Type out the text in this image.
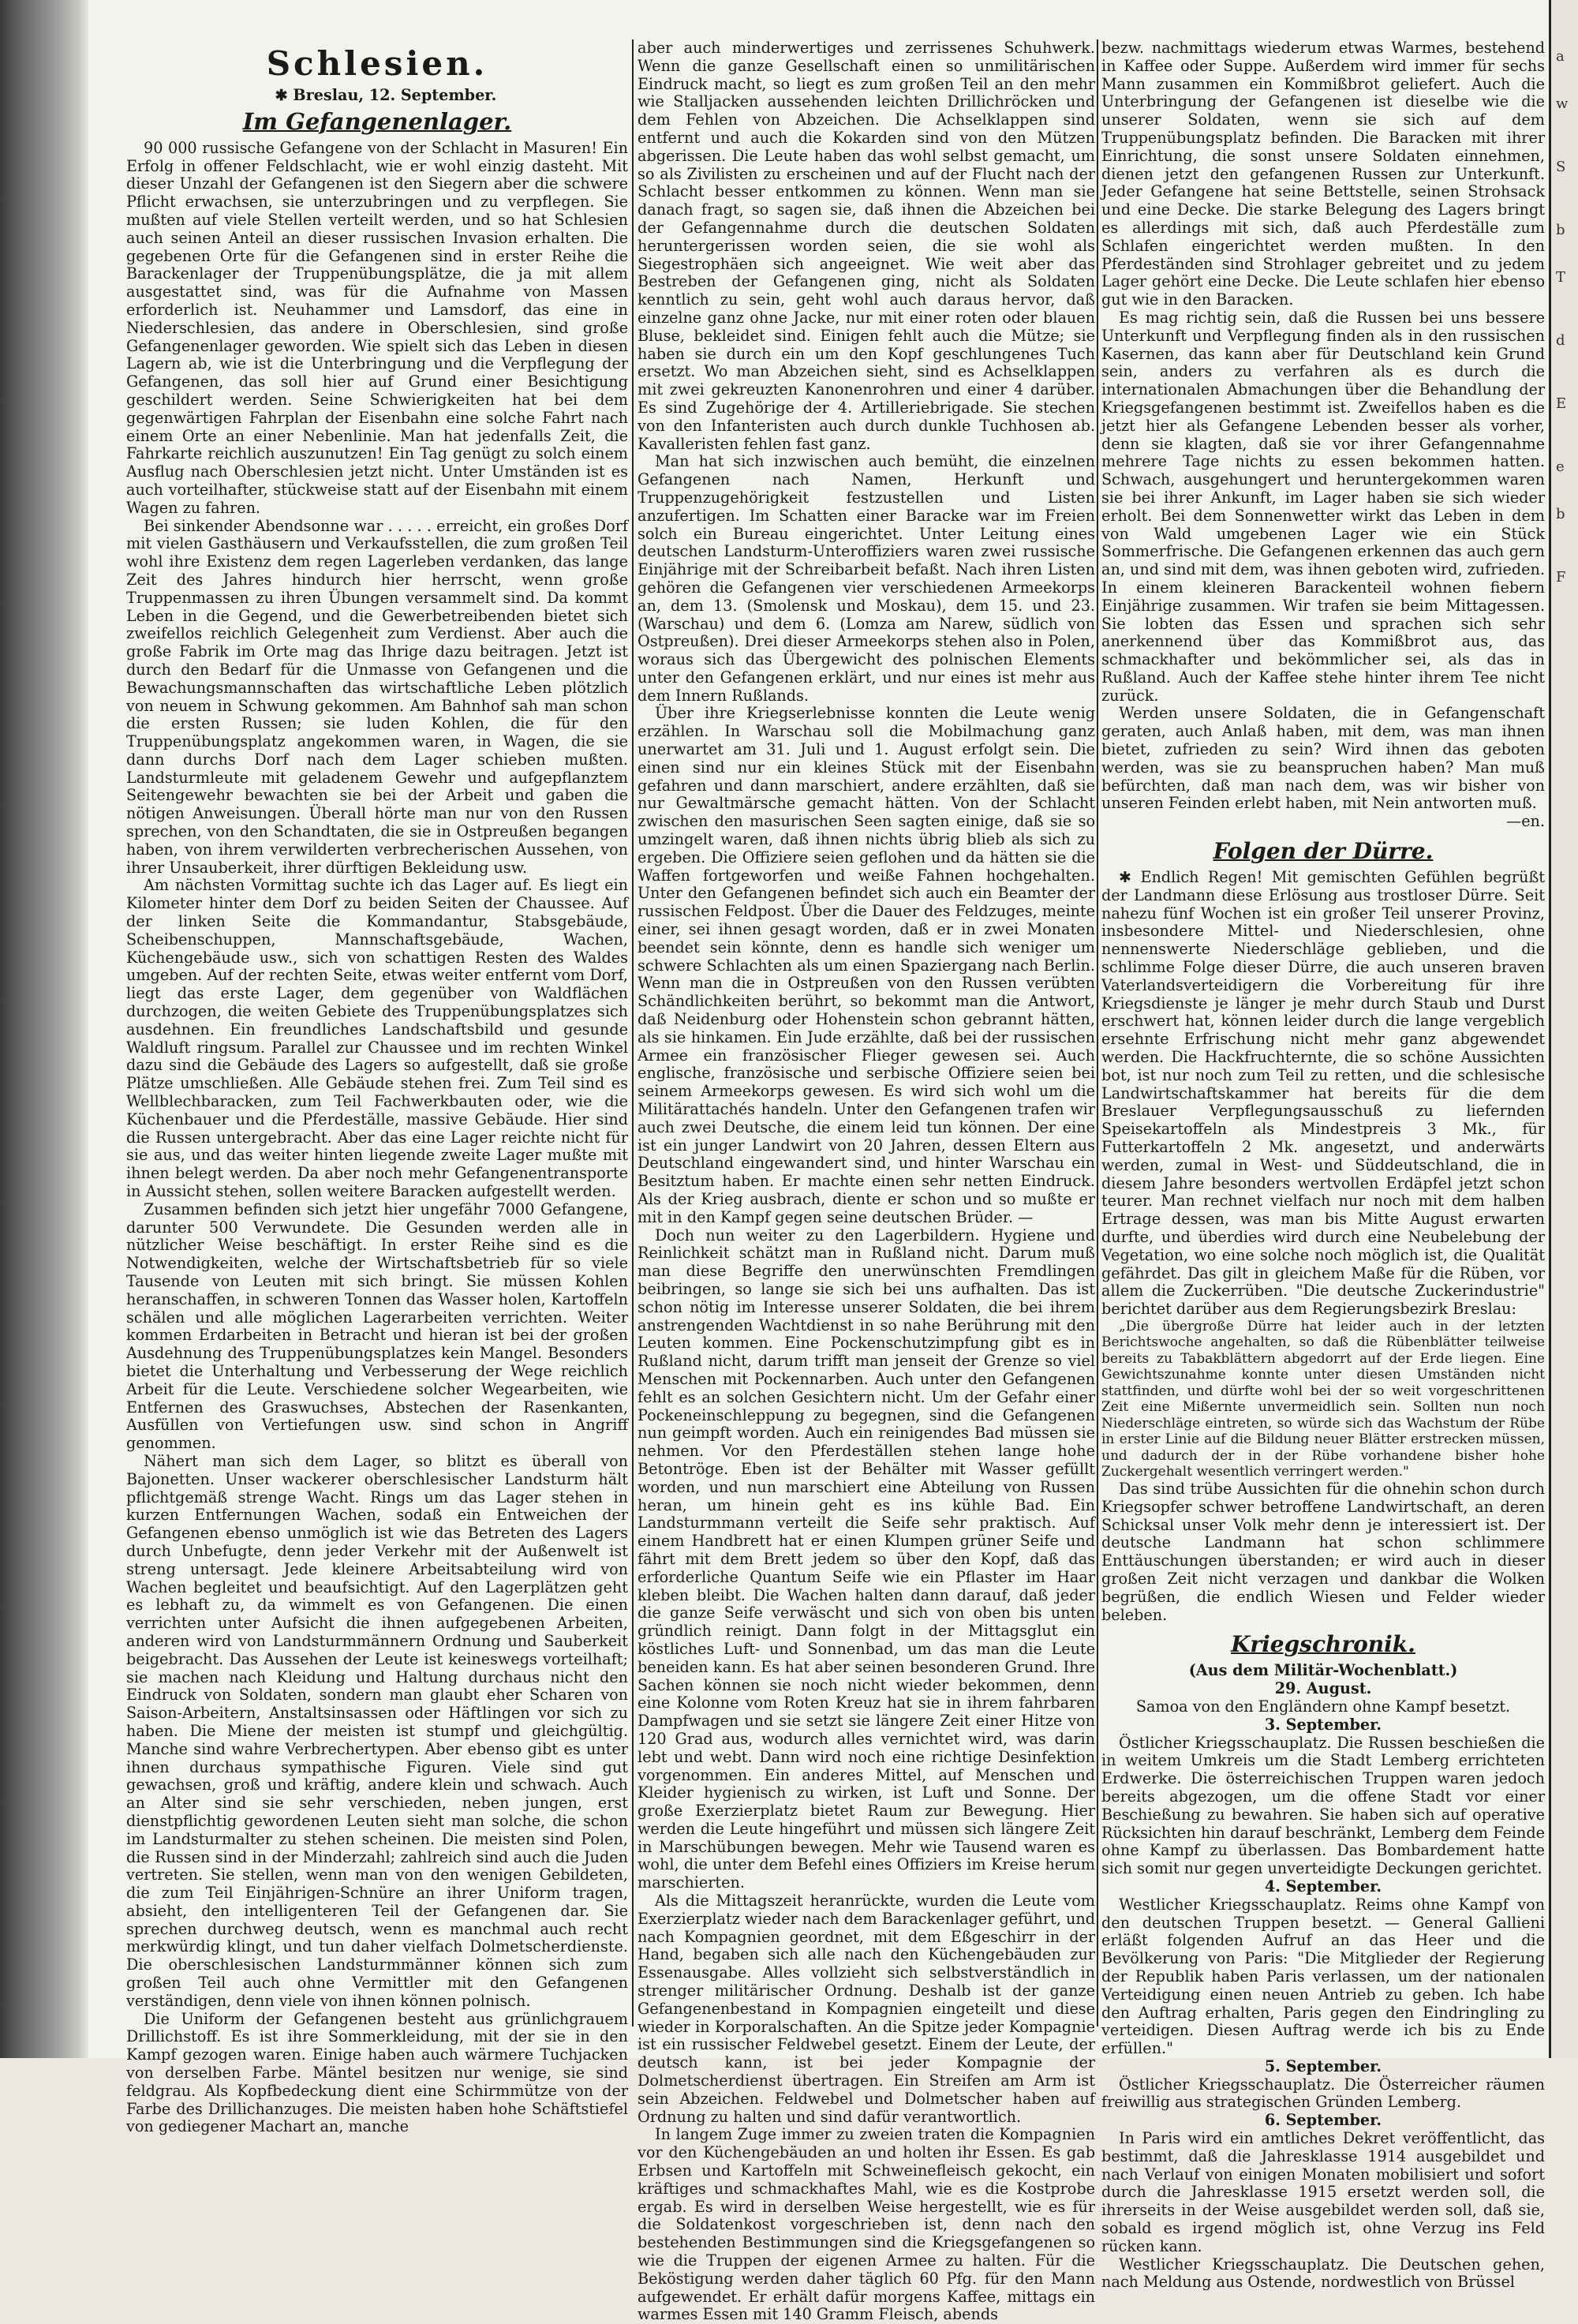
Schlesien.

✱ Breslau, 12. September.

Im Gefangenenlager.

90 000 russische Gefangene von der Schlacht in Masuren! Ein Erfolg in offener Feldschlacht, wie er wohl einzig dasteht. Mit dieser Unzahl der Gefangenen ist den Siegern aber die schwere Pflicht erwachsen, sie unterzubringen und zu verpflegen. Sie mußten auf viele Stellen verteilt werden, und so hat Schlesien auch seinen Anteil an dieser russischen Invasion erhalten. Die gegebenen Orte für die Gefangenen sind in erster Reihe die Barackenlager der Truppenübungsplätze, die ja mit allem ausgestattet sind, was für die Aufnahme von Massen erforderlich ist. Neuhammer und Lamsdorf, das eine in Niederschlesien, das andere in Oberschlesien, sind große Gefangenenlager geworden. Wie spielt sich das Leben in diesen Lagern ab, wie ist die Unterbringung und die Verpflegung der Gefangenen, das soll hier auf Grund einer Besichtigung geschildert werden. Seine Schwierigkeiten hat bei dem gegenwärtigen Fahrplan der Eisenbahn eine solche Fahrt nach einem Orte an einer Nebenlinie. Man hat jedenfalls Zeit, die Fahrkarte reichlich auszunutzen! Ein Tag genügt zu solch einem Ausflug nach Oberschlesien jetzt nicht. Unter Umständen ist es auch vorteilhafter, stückweise statt auf der Eisenbahn mit einem Wagen zu fahren.

Bei sinkender Abendsonne war . . . . . erreicht, ein großes Dorf mit vielen Gasthäusern und Verkaufsstellen, die zum großen Teil wohl ihre Existenz dem regen Lagerleben verdanken, das lange Zeit des Jahres hindurch hier herrscht, wenn große Truppenmassen zu ihren Übungen versammelt sind. Da kommt Leben in die Gegend, und die Gewerbetreibenden bietet sich zweifellos reichlich Gelegenheit zum Verdienst. Aber auch die große Fabrik im Orte mag das Ihrige dazu beitragen. Jetzt ist durch den Bedarf für die Unmasse von Gefangenen und die Bewachungsmannschaften das wirtschaftliche Leben plötzlich von neuem in Schwung gekommen. Am Bahnhof sah man schon die ersten Russen; sie luden Kohlen, die für den Truppenübungsplatz angekommen waren, in Wagen, die sie dann durchs Dorf nach dem Lager schieben mußten. Landsturmleute mit geladenem Gewehr und aufgepflanztem Seitengewehr bewachten sie bei der Arbeit und gaben die nötigen Anweisungen. Überall hörte man nur von den Russen sprechen, von den Schandtaten, die sie in Ostpreußen begangen haben, von ihrem verwilderten verbrecherischen Aussehen, von ihrer Unsauberkeit, ihrer dürftigen Bekleidung usw.

Am nächsten Vormittag suchte ich das Lager auf. Es liegt ein Kilometer hinter dem Dorf zu beiden Seiten der Chaussee. Auf der linken Seite die Kommandantur, Stabsgebäude, Scheibenschuppen, Mannschaftsgebäude, Wachen, Küchengebäude usw., sich von schattigen Resten des Waldes umgeben. Auf der rechten Seite, etwas weiter entfernt vom Dorf, liegt das erste Lager, dem gegenüber von Waldflächen durchzogen, die weiten Gebiete des Truppenübungsplatzes sich ausdehnen. Ein freundliches Landschaftsbild und gesunde Waldluft ringsum. Parallel zur Chaussee und im rechten Winkel dazu sind die Gebäude des Lagers so aufgestellt, daß sie große Plätze umschließen. Alle Gebäude stehen frei. Zum Teil sind es Wellblechbaracken, zum Teil Fachwerkbauten oder, wie die Küchenbauer und die Pferdeställe, massive Gebäude. Hier sind die Russen untergebracht. Aber das eine Lager reichte nicht für sie aus, und das weiter hinten liegende zweite Lager mußte mit ihnen belegt werden. Da aber noch mehr Gefangenentransporte in Aussicht stehen, sollen weitere Baracken aufgestellt werden.

Zusammen befinden sich jetzt hier ungefähr 7000 Gefangene, darunter 500 Verwundete. Die Gesunden werden alle in nützlicher Weise beschäftigt. In erster Reihe sind es die Notwendigkeiten, welche der Wirtschaftsbetrieb für so viele Tausende von Leuten mit sich bringt. Sie müssen Kohlen heranschaffen, in schweren Tonnen das Wasser holen, Kartoffeln schälen und alle möglichen Lagerarbeiten verrichten. Weiter kommen Erdarbeiten in Betracht und hieran ist bei der großen Ausdehnung des Truppenübungsplatzes kein Mangel. Besonders bietet die Unterhaltung und Verbesserung der Wege reichlich Arbeit für die Leute. Verschiedene solcher Wegearbeiten, wie Entfernen des Graswuchses, Abstechen der Rasenkanten, Ausfüllen von Vertiefungen usw. sind schon in Angriff genommen.

Nähert man sich dem Lager, so blitzt es überall von Bajonetten. Unser wackerer oberschlesischer Landsturm hält pflichtgemäß strenge Wacht. Rings um das Lager stehen in kurzen Entfernungen Wachen, sodaß ein Entweichen der Gefangenen ebenso unmöglich ist wie das Betreten des Lagers durch Unbefugte, denn jeder Verkehr mit der Außenwelt ist streng untersagt. Jede kleinere Arbeitsabteilung wird von Wachen begleitet und beaufsichtigt. Auf den Lagerplätzen geht es lebhaft zu, da wimmelt es von Gefangenen. Die einen verrichten unter Aufsicht die ihnen aufgegebenen Arbeiten, anderen wird von Landsturmmännern Ordnung und Sauberkeit beigebracht. Das Aussehen der Leute ist keineswegs vorteilhaft; sie machen nach Kleidung und Haltung durchaus nicht den Eindruck von Soldaten, sondern man glaubt eher Scharen von Saison-Arbeitern, Anstaltsinsassen oder Häftlingen vor sich zu haben. Die Miene der meisten ist stumpf und gleichgültig. Manche sind wahre Verbrechertypen. Aber ebenso gibt es unter ihnen durchaus sympathische Figuren. Viele sind gut gewachsen, groß und kräftig, andere klein und schwach. Auch an Alter sind sie sehr verschieden, neben jungen, erst dienstpflichtig gewordenen Leuten sieht man solche, die schon im Landsturmalter zu stehen scheinen. Die meisten sind Polen, die Russen sind in der Minderzahl; zahlreich sind auch die Juden vertreten. Sie stellen, wenn man von den wenigen Gebildeten, die zum Teil Einjährigen-Schnüre an ihrer Uniform tragen, absieht, den intelligenteren Teil der Gefangenen dar. Sie sprechen durchweg deutsch, wenn es manchmal auch recht merkwürdig klingt, und tun daher vielfach Dolmetscherdienste. Die oberschlesischen Landsturmmänner können sich zum großen Teil auch ohne Vermittler mit den Gefangenen verständigen, denn viele von ihnen können polnisch.

Die Uniform der Gefangenen besteht aus grünlichgrauem Drillichstoff. Es ist ihre Sommerkleidung, mit der sie in den Kampf gezogen waren. Einige haben auch wärmere Tuchjacken von derselben Farbe. Mäntel besitzen nur wenige, sie sind feldgrau. Als Kopfbedeckung dient eine Schirmmütze von der Farbe des Drillichanzuges. Die meisten haben hohe Schäftstiefel von gediegener Machart an, manche

aber auch minderwertiges und zerrissenes Schuhwerk. Wenn die ganze Gesellschaft einen so unmilitärischen Eindruck macht, so liegt es zum großen Teil an den mehr wie Stalljacken aussehenden leichten Drillichröcken und dem Fehlen von Abzeichen. Die Achselklappen sind entfernt und auch die Kokarden sind von den Mützen abgerissen. Die Leute haben das wohl selbst gemacht, um so als Zivilisten zu erscheinen und auf der Flucht nach der Schlacht besser entkommen zu können. Wenn man sie danach fragt, so sagen sie, daß ihnen die Abzeichen bei der Gefangennahme durch die deutschen Soldaten heruntergerissen worden seien, die sie wohl als Siegestrophäen sich angeeignet. Wie weit aber das Bestreben der Gefangenen ging, nicht als Soldaten kenntlich zu sein, geht wohl auch daraus hervor, daß einzelne ganz ohne Jacke, nur mit einer roten oder blauen Bluse, bekleidet sind. Einigen fehlt auch die Mütze; sie haben sie durch ein um den Kopf geschlungenes Tuch ersetzt. Wo man Abzeichen sieht, sind es Achselklappen mit zwei gekreuzten Kanonenrohren und einer 4 darüber. Es sind Zugehörige der 4. Artilleriebrigade. Sie stechen von den Infanteristen auch durch dunkle Tuchhosen ab. Kavalleristen fehlen fast ganz.

Man hat sich inzwischen auch bemüht, die einzelnen Gefangenen nach Namen, Herkunft und Truppenzugehörigkeit festzustellen und Listen anzufertigen. Im Schatten einer Baracke war im Freien solch ein Bureau eingerichtet. Unter Leitung eines deutschen Landsturm-Unteroffiziers waren zwei russische Einjährige mit der Schreibarbeit befaßt. Nach ihren Listen gehören die Gefangenen vier verschiedenen Armeekorps an, dem 13. (Smolensk und Moskau), dem 15. und 23. (Warschau) und dem 6. (Lomza am Narew, südlich von Ostpreußen). Drei dieser Armeekorps stehen also in Polen, woraus sich das Übergewicht des polnischen Elements unter den Gefangenen erklärt, und nur eines ist mehr aus dem Innern Rußlands.

Über ihre Kriegserlebnisse konnten die Leute wenig erzählen. In Warschau soll die Mobilmachung ganz unerwartet am 31. Juli und 1. August erfolgt sein. Die einen sind nur ein kleines Stück mit der Eisenbahn gefahren und dann marschiert, andere erzählten, daß sie nur Gewaltmärsche gemacht hätten. Von der Schlacht zwischen den masurischen Seen sagten einige, daß sie so umzingelt waren, daß ihnen nichts übrig blieb als sich zu ergeben. Die Offiziere seien geflohen und da hätten sie die Waffen fortgeworfen und weiße Fahnen hochgehalten. Unter den Gefangenen befindet sich auch ein Beamter der russischen Feldpost. Über die Dauer des Feldzuges, meinte einer, sei ihnen gesagt worden, daß er in zwei Monaten beendet sein könnte, denn es handle sich weniger um schwere Schlachten als um einen Spaziergang nach Berlin. Wenn man die in Ostpreußen von den Russen verübten Schändlichkeiten berührt, so bekommt man die Antwort, daß Neidenburg oder Hohenstein schon gebrannt hätten, als sie hinkamen. Ein Jude erzählte, daß bei der russischen Armee ein französischer Flieger gewesen sei. Auch englische, französische und serbische Offiziere seien bei seinem Armeekorps gewesen. Es wird sich wohl um die Militärattachés handeln. Unter den Gefangenen trafen wir auch zwei Deutsche, die einem leid tun können. Der eine ist ein junger Landwirt von 20 Jahren, dessen Eltern aus Deutschland eingewandert sind, und hinter Warschau ein Besitztum haben. Er machte einen sehr netten Eindruck. Als der Krieg ausbrach, diente er schon und so mußte er mit in den Kampf gegen seine deutschen Brüder. —

Doch nun weiter zu den Lagerbildern. Hygiene und Reinlichkeit schätzt man in Rußland nicht. Darum muß man diese Begriffe den unerwünschten Fremdlingen beibringen, so lange sie sich bei uns aufhalten. Das ist schon nötig im Interesse unserer Soldaten, die bei ihrem anstrengenden Wachtdienst in so nahe Berührung mit den Leuten kommen. Eine Pockenschutzimpfung gibt es in Rußland nicht, darum trifft man jenseit der Grenze so viel Menschen mit Pockennarben. Auch unter den Gefangenen fehlt es an solchen Gesichtern nicht. Um der Gefahr einer Pockeneinschleppung zu begegnen, sind die Gefangenen nun geimpft worden. Auch ein reinigendes Bad müssen sie nehmen. Vor den Pferdeställen stehen lange hohe Betontröge. Eben ist der Behälter mit Wasser gefüllt worden, und nun marschiert eine Abteilung von Russen heran, um hinein geht es ins kühle Bad. Ein Landsturmmann verteilt die Seife sehr praktisch. Auf einem Handbrett hat er einen Klumpen grüner Seife und fährt mit dem Brett jedem so über den Kopf, daß das erforderliche Quantum Seife wie ein Pflaster im Haar kleben bleibt. Die Wachen halten dann darauf, daß jeder die ganze Seife verwäscht und sich von oben bis unten gründlich reinigt. Dann folgt in der Mittagsglut ein köstliches Luft- und Sonnenbad, um das man die Leute beneiden kann. Es hat aber seinen besonderen Grund. Ihre Sachen können sie noch nicht wieder bekommen, denn eine Kolonne vom Roten Kreuz hat sie in ihrem fahrbaren Dampfwagen und sie setzt sie längere Zeit einer Hitze von 120 Grad aus, wodurch alles vernichtet wird, was darin lebt und webt. Dann wird noch eine richtige Desinfektion vorgenommen. Ein anderes Mittel, auf Menschen und Kleider hygienisch zu wirken, ist Luft und Sonne. Der große Exerzierplatz bietet Raum zur Bewegung. Hier werden die Leute hingeführt und müssen sich längere Zeit in Marschübungen bewegen. Mehr wie Tausend waren es wohl, die unter dem Befehl eines Offiziers im Kreise herum marschierten.

Als die Mittagszeit heranrückte, wurden die Leute vom Exerzierplatz wieder nach dem Barackenlager geführt, und nach Kompagnien geordnet, mit dem Eßgeschirr in der Hand, begaben sich alle nach den Küchengebäuden zur Essenausgabe. Alles vollzieht sich selbstverständlich in strenger militärischer Ordnung. Deshalb ist der ganze Gefangenenbestand in Kompagnien eingeteilt und diese wieder in Korporalschaften. An die Spitze jeder Kompagnie ist ein russischer Feldwebel gesetzt. Einem der Leute, der deutsch kann, ist bei jeder Kompagnie der Dolmetscherdienst übertragen. Ein Streifen am Arm ist sein Abzeichen. Feldwebel und Dolmetscher haben auf Ordnung zu halten und sind dafür verantwortlich.

In langem Zuge immer zu zweien traten die Kompagnien vor den Küchengebäuden an und holten ihr Essen. Es gab Erbsen und Kartoffeln mit Schweinefleisch gekocht, ein kräftiges und schmackhaftes Mahl, wie es die Kostprobe ergab. Es wird in derselben Weise hergestellt, wie es für die Soldatenkost vorgeschrieben ist, denn nach den bestehenden Bestimmungen sind die Kriegsgefangenen so wie die Truppen der eigenen Armee zu halten. Für die Beköstigung werden daher täglich 60 Pfg. für den Mann aufgewendet. Er erhält dafür morgens Kaffee, mittags ein warmes Essen mit 140 Gramm Fleisch, abends

bezw. nachmittags wiederum etwas Warmes, bestehend in Kaffee oder Suppe. Außerdem wird immer für sechs Mann zusammen ein Kommißbrot geliefert. Auch die Unterbringung der Gefangenen ist dieselbe wie die unserer Soldaten, wenn sie sich auf dem Truppenübungsplatz befinden. Die Baracken mit ihrer Einrichtung, die sonst unsere Soldaten einnehmen, dienen jetzt den gefangenen Russen zur Unterkunft. Jeder Gefangene hat seine Bettstelle, seinen Strohsack und eine Decke. Die starke Belegung des Lagers bringt es allerdings mit sich, daß auch Pferdeställe zum Schlafen eingerichtet werden mußten. In den Pferdeständen sind Strohlager gebreitet und zu jedem Lager gehört eine Decke. Die Leute schlafen hier ebenso gut wie in den Baracken.

Es mag richtig sein, daß die Russen bei uns bessere Unterkunft und Verpflegung finden als in den russischen Kasernen, das kann aber für Deutschland kein Grund sein, anders zu verfahren als es durch die internationalen Abmachungen über die Behandlung der Kriegsgefangenen bestimmt ist. Zweifellos haben es die jetzt hier als Gefangene Lebenden besser als vorher, denn sie klagten, daß sie vor ihrer Gefangennahme mehrere Tage nichts zu essen bekommen hatten. Schwach, ausgehungert und heruntergekommen waren sie bei ihrer Ankunft, im Lager haben sie sich wieder erholt. Bei dem Sonnenwetter wirkt das Leben in dem von Wald umgebenen Lager wie ein Stück Sommerfrische. Die Gefangenen erkennen das auch gern an, und sind mit dem, was ihnen geboten wird, zufrieden. In einem kleineren Barackenteil wohnen fiebern Einjährige zusammen. Wir trafen sie beim Mittagessen. Sie lobten das Essen und sprachen sich sehr anerkennend über das Kommißbrot aus, das schmackhafter und bekömmlicher sei, als das in Rußland. Auch der Kaffee stehe hinter ihrem Tee nicht zurück.

Werden unsere Soldaten, die in Gefangenschaft geraten, auch Anlaß haben, mit dem, was man ihnen bietet, zufrieden zu sein? Wird ihnen das geboten werden, was sie zu beanspruchen haben? Man muß befürchten, daß man nach dem, was wir bisher von unseren Feinden erlebt haben, mit Nein antworten muß.

—en.

Folgen der Dürre.

✱ Endlich Regen! Mit gemischten Gefühlen begrüßt der Landmann diese Erlösung aus trostloser Dürre. Seit nahezu fünf Wochen ist ein großer Teil unserer Provinz, insbesondere Mittel- und Niederschlesien, ohne nennenswerte Niederschläge geblieben, und die schlimme Folge dieser Dürre, die auch unseren braven Vaterlandsverteidigern die Vorbereitung für ihre Kriegsdienste je länger je mehr durch Staub und Durst erschwert hat, können leider durch die lange vergeblich ersehnte Erfrischung nicht mehr ganz abgewendet werden. Die Hackfruchternte, die so schöne Aussichten bot, ist nur noch zum Teil zu retten, und die schlesische Landwirtschaftskammer hat bereits für die dem Breslauer Verpflegungsausschuß zu liefernden Speisekartoffeln als Mindestpreis 3 Mk., für Futterkartoffeln 2 Mk. angesetzt, und anderwärts werden, zumal in West- und Süddeutschland, die in diesem Jahre besonders wertvollen Erdäpfel jetzt schon teurer. Man rechnet vielfach nur noch mit dem halben Ertrage dessen, was man bis Mitte August erwarten durfte, und überdies wird durch eine Neubelebung der Vegetation, wo eine solche noch möglich ist, die Qualität gefährdet. Das gilt in gleichem Maße für die Rüben, vor allem die Zuckerrüben. "Die deutsche Zuckerindustrie" berichtet darüber aus dem Regierungsbezirk Breslau:

„Die übergroße Dürre hat leider auch in der letzten Berichtswoche angehalten, so daß die Rübenblätter teilweise bereits zu Tabakblättern abgedorrt auf der Erde liegen. Eine Gewichtszunahme konnte unter diesen Umständen nicht stattfinden, und dürfte wohl bei der so weit vorgeschrittenen Zeit eine Mißernte unvermeidlich sein. Sollten nun noch Niederschläge eintreten, so würde sich das Wachstum der Rübe in erster Linie auf die Bildung neuer Blätter erstrecken müssen, und dadurch der in der Rübe vorhandene bisher hohe Zuckergehalt wesentlich verringert werden."

Das sind trübe Aussichten für die ohnehin schon durch Kriegsopfer schwer betroffene Landwirtschaft, an deren Schicksal unser Volk mehr denn je interessiert ist. Der deutsche Landmann hat schon schlimmere Enttäuschungen überstanden; er wird auch in dieser großen Zeit nicht verzagen und dankbar die Wolken begrüßen, die endlich Wiesen und Felder wieder beleben.

Kriegschronik.

(Aus dem Militär-Wochenblatt.)

29. August.

Samoa von den Engländern ohne Kampf besetzt.

3. September.

Östlicher Kriegsschauplatz. Die Russen beschießen die in weitem Umkreis um die Stadt Lemberg errichteten Erdwerke. Die österreichischen Truppen waren jedoch bereits abgezogen, um die offene Stadt vor einer Beschießung zu bewahren. Sie haben sich auf operative Rücksichten hin darauf beschränkt, Lemberg dem Feinde ohne Kampf zu überlassen. Das Bombardement hatte sich somit nur gegen unverteidigte Deckungen gerichtet.

4. September.

Westlicher Kriegsschauplatz. Reims ohne Kampf von den deutschen Truppen besetzt. — General Gallieni erläßt folgenden Aufruf an das Heer und die Bevölkerung von Paris: "Die Mitglieder der Regierung der Republik haben Paris verlassen, um der nationalen Verteidigung einen neuen Antrieb zu geben. Ich habe den Auftrag erhalten, Paris gegen den Eindringling zu verteidigen. Diesen Auftrag werde ich bis zu Ende erfüllen."

5. September.

Östlicher Kriegsschauplatz. Die Österreicher räumen freiwillig aus strategischen Gründen Lemberg.

6. September.

In Paris wird ein amtliches Dekret veröffentlicht, das bestimmt, daß die Jahresklasse 1914 ausgebildet und nach Verlauf von einigen Monaten mobilisiert und sofort durch die Jahresklasse 1915 ersetzt werden soll, die ihrerseits in der Weise ausgebildet werden soll, daß sie, sobald es irgend möglich ist, ohne Verzug ins Feld rücken kann.

Westlicher Kriegsschauplatz. Die Deutschen gehen, nach Meldung aus Ostende, nordwestlich von Brüssel

a
w
S
b
T
d
E
e
b
F
